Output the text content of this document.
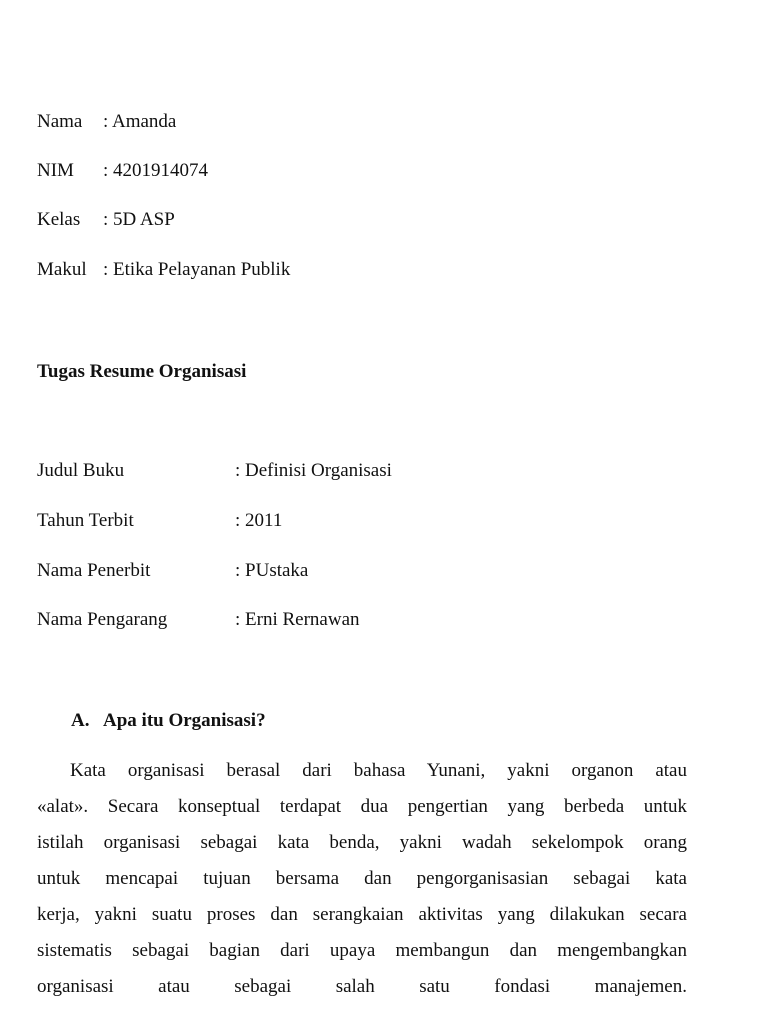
Nama : Amanda
NIM : 4201914074
Kelas : 5D ASP
Makul : Etika Pelayanan Publik
Tugas Resume Organisasi
Judul Buku	: Definisi Organisasi
Tahun Terbit	: 2011
Nama Penerbit	: PUstaka
Nama Pengarang	: Erni Rernawan
A. Apa itu Organisasi?
Kata organisasi berasal dari bahasa Yunani, yakni organon atau
«alat». Secara konseptual terdapat dua pengertian yang berbeda untuk
istilah organisasi sebagai kata benda, yakni wadah sekelompok orang
untuk mencapai tujuan bersama dan pengorganisasian sebagai kata
kerja, yakni suatu proses dan serangkaian aktivitas yang dilakukan secara
sistematis sebagai bagian dari upaya membangun dan mengembangkan
organisasi atau sebagai salah satu fondasi manajemen.
